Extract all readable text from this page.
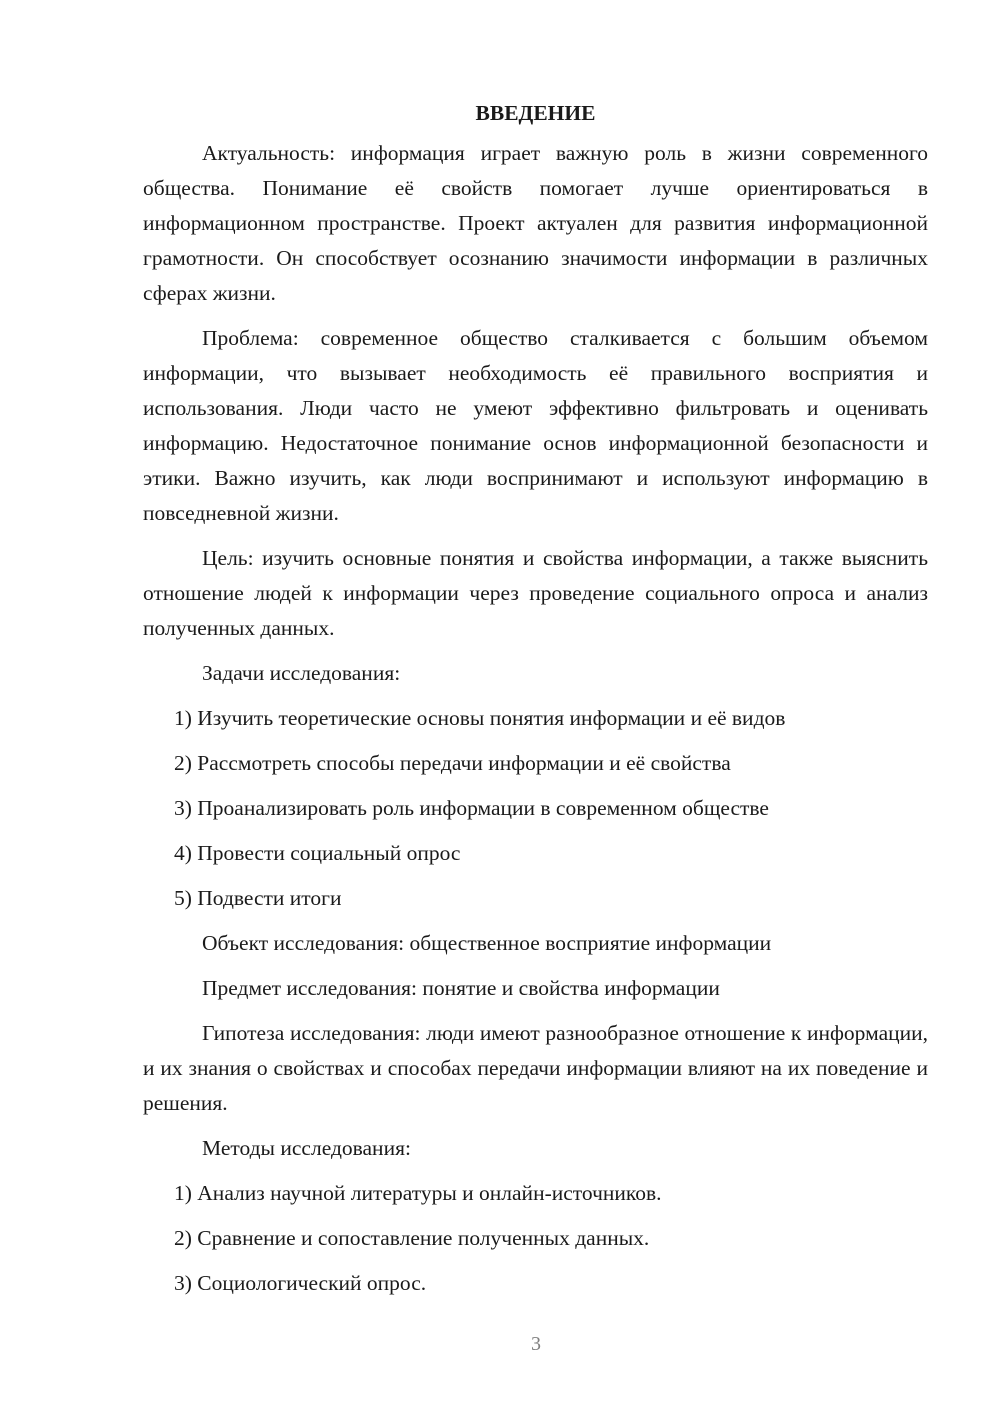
ВВЕДЕНИЕ
Актуальность: информация играет важную роль в жизни современного общества. Понимание её свойств помогает лучше ориентироваться в информационном пространстве. Проект актуален для развития информационной грамотности. Он способствует осознанию значимости информации в различных сферах жизни.
Проблема: современное общество сталкивается с большим объемом информации, что вызывает необходимость её правильного восприятия и использования. Люди часто не умеют эффективно фильтровать и оценивать информацию. Недостаточное понимание основ информационной безопасности и этики. Важно изучить, как люди воспринимают и используют информацию в повседневной жизни.
Цель: изучить основные понятия и свойства информации, а также выяснить отношение людей к информации через проведение социального опроса и анализ полученных данных.
Задачи исследования:
1) Изучить теоретические основы понятия информации и её видов
2) Рассмотреть способы передачи информации и её свойства
3) Проанализировать роль информации в современном обществе
4) Провести социальный опрос
5) Подвести итоги
Объект исследования: общественное восприятие информации
Предмет исследования: понятие и свойства информации
Гипотеза исследования: люди имеют разнообразное отношение к информации, и их знания о свойствах и способах передачи информации влияют на их поведение и решения.
Методы исследования:
1) Анализ научной литературы и онлайн-источников.
2) Сравнение и сопоставление полученных данных.
3) Социологический опрос.
3
